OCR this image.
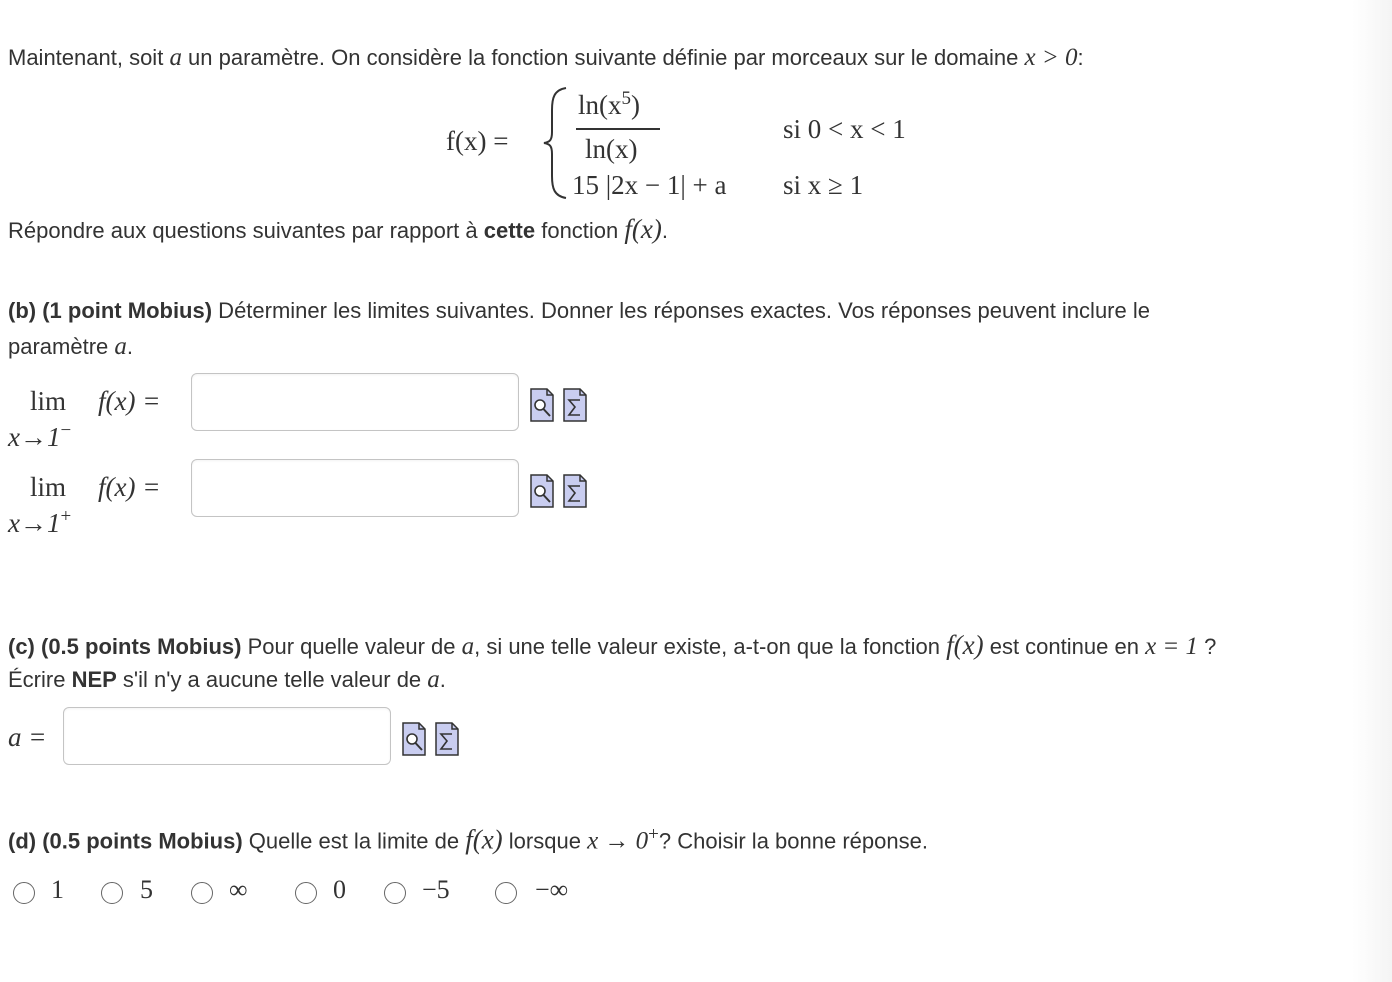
Maintenant, soit a un paramètre. On considère la fonction suivante définie par morceaux sur le domaine x > 0:
f(x) =
$\ln(x^5)$
ln(x)
si 0 < x < 1
15 |2x − 1| + a si x ≥ 1
Répondre aux questions suivantes par rapport à cette fonction f(x).
(b) (1 point Mobius) Déterminer les limites suivantes. Donner les réponses exactes. Vos réponses peuvent inclure le
paramètre a.
lim f(x) =
x→1−
lim f(x) =
x→1+
(c) (0.5 points Mobius) Pour quelle valeur de a, si une telle valeur existe, a-t-on que la fonction f(x) est continue en x = 1 ?
Écrire NEP s'il n'y a aucune telle valeur de a.
a =
(d) (0.5 points Mobius) Quelle est la limite de f(x) lorsque x → 0+? Choisir la bonne réponse.
1	5	∞	0	−5	−∞
